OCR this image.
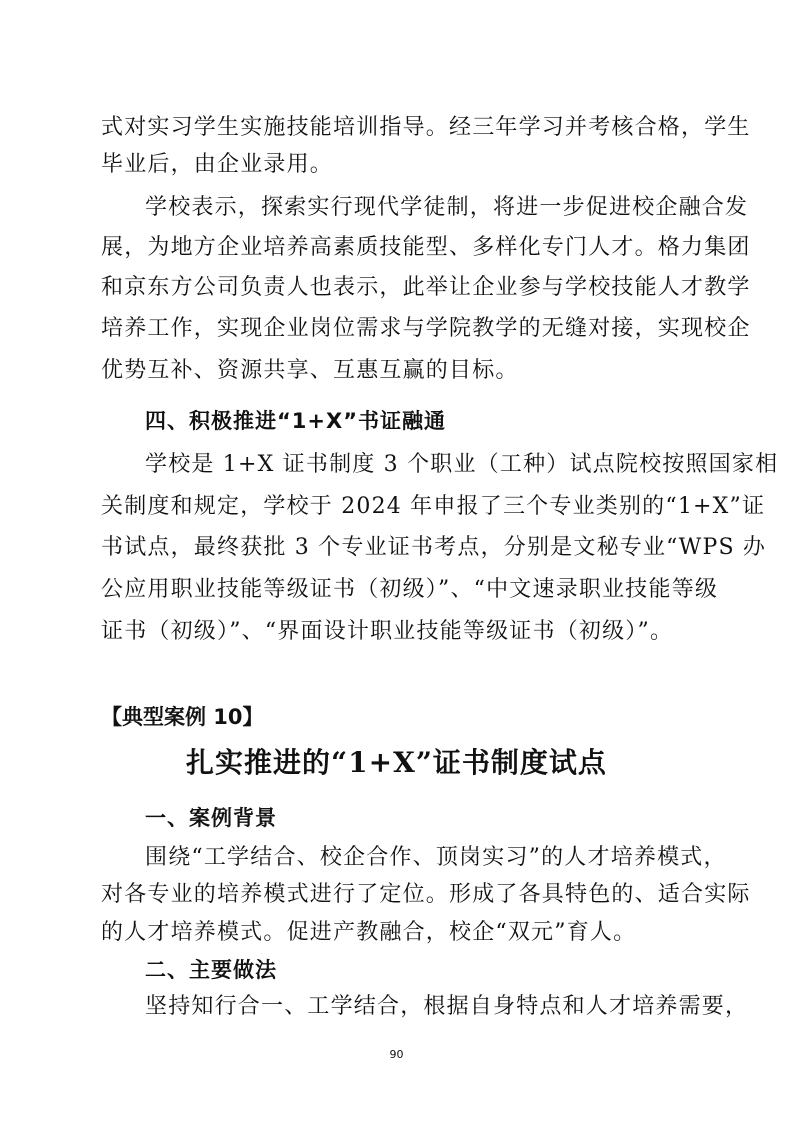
式对实习学生实施技能培训指导。经三年学习并考核合格，学生
毕业后，由企业录用。
学校表示，探索实行现代学徒制，将进一步促进校企融合发
展，为地方企业培养高素质技能型、多样化专门人才。格力集团
和京东方公司负责人也表示，此举让企业参与学校技能人才教学
培养工作，实现企业岗位需求与学院教学的无缝对接，实现校企
优势互补、资源共享、互惠互赢的目标。
四、积极推进“1+X”书证融通
学校是 1+X 证书制度 3 个职业（工种）试点院校按照国家相
关制度和规定，学校于 2024 年申报了三个专业类别的“1+X”证
书试点，最终获批 3 个专业证书考点，分别是文秘专业“WPS 办
公应用职业技能等级证书（初级）”、“中文速录职业技能等级
证书（初级）”、“界面设计职业技能等级证书（初级）”。
【典型案例 10】
扎实推进的“1+X”证书制度试点
一、案例背景
围绕“工学结合、校企合作、顶岗实习”的人才培养模式，
对各专业的培养模式进行了定位。形成了各具特色的、适合实际
的人才培养模式。促进产教融合，校企“双元”育人。
二、主要做法
坚持知行合一、工学结合，根据自身特点和人才培养需要，
90
